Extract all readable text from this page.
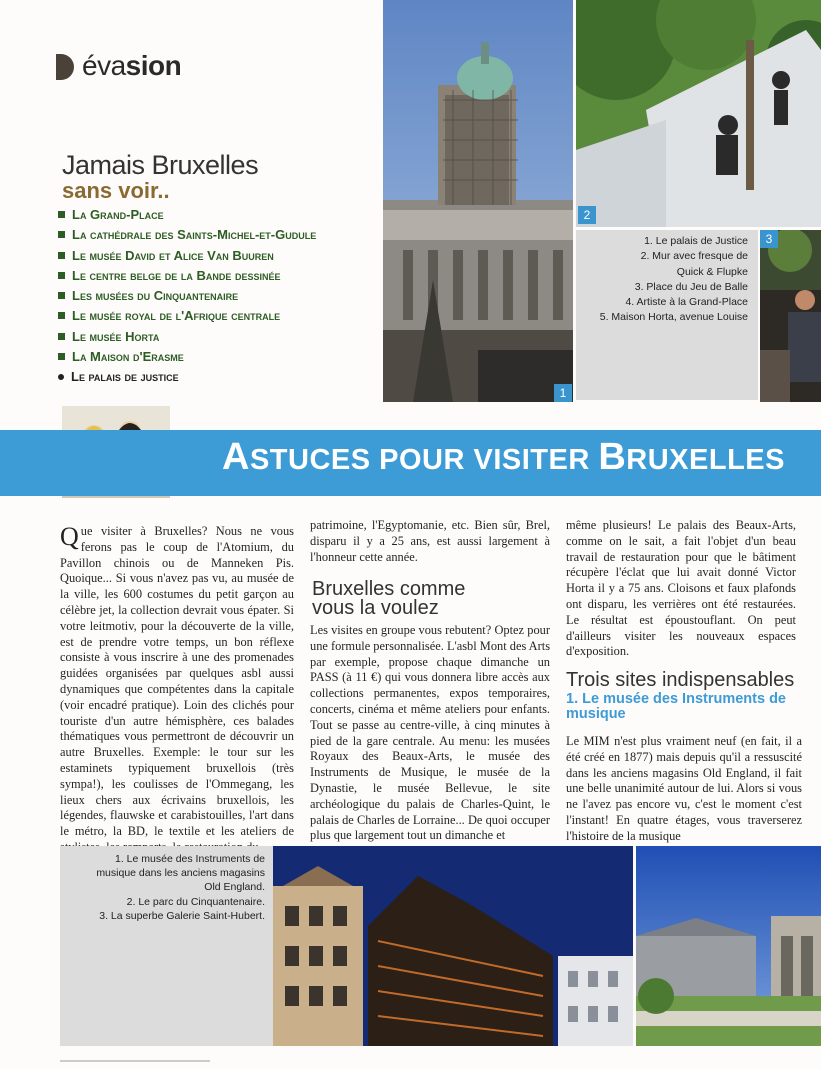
évasion
Jamais Bruxelles
sans voir..
La Grand-Place
La cathédrale des Saints-Michel-et-Gudule
Le musée David et Alice Van Buuren
Le centre belge de la Bande dessinée
Les musées du Cinquantenaire
Le musée royal de l'Afrique centrale
Le musée Horta
La Maison d'Erasme
Le palais de justice
1
2
1. Le palais de Justice
2. Mur avec fresque de
Quick & Flupke
3. Place du Jeu de Balle
4. Artiste à la Grand-Place
5. Maison Horta, avenue Louise
3
ASTUCES POUR VISITER BRUXELLES
Que visiter à Bruxelles? Nous ne vous ferons pas le coup de l'Atomium, du Pavillon chinois ou de Manneken Pis. Quoique... Si vous n'avez pas vu, au musée de la ville, les 600 costumes du petit garçon au célèbre jet, la collection devrait vous épater. Si votre leitmotiv, pour la découverte de la ville, est de prendre votre temps, un bon réflexe consiste à vous inscrire à une des promenades guidées organisées par quelques asbl aussi dynamiques que compétentes dans la capitale (voir encadré pratique). Loin des clichés pour touriste d'un autre hémisphère, ces balades thématiques vous permettront de découvrir un autre Bruxelles. Exemple: le tour sur les estaminets typiquement bruxellois (très sympa!), les coulisses de l'Ommegang, les lieux chers aux écrivains bruxellois, les légendes, flauwske et carabistouilles, l'art dans le métro, la BD, le textile et les ateliers de

patrimoine, l'Egyptomanie, etc. Bien sûr, Brel, disparu il y a 25 ans, est aussi largement à l'honneur cette année.

Bruxelles comme vous la voulez

Les visites en groupe vous rebutent? Optez pour une formule personnalisée. L'asbl Mont des Arts par exemple, propose chaque dimanche un PASS (à 11 €) qui vous donnera libre accès aux collections permanentes, expos temporaires, concerts, cinéma et même ateliers pour enfants. Tout se passe au centre-ville, à cinq minutes à pied de la gare centrale. Au menu: les musées Royaux des Beaux-Arts, le musée des Instruments de Musique, le musée de la Dynastie, le musée Bellevue, le site archéologique du palais de Charles-Quint, le palais de Charles de Lorraine... De quoi occuper plus que largement tout un dimanche et

même plusieurs! Le palais des Beaux-Arts, comme on le sait, a fait l'objet d'un beau travail de restauration pour que le bâtiment récupère l'éclat que lui avait donné Victor Horta il y a 75 ans. Cloisons et faux plafonds ont disparu, les verrières ont été restaurées. Le résultat est époustouflant. On peut d'ailleurs visiter les nouveaux espaces d'exposition.

Trois sites indispensables
1. Le musée des Instruments de musique

Le MIM n'est plus vraiment neuf (en fait, il a été créé en 1877) mais depuis qu'il a ressuscité dans les anciens magasins Old England, il fait une belle unanimité autour de lui. Alors si vous ne l'avez pas encore vu, c'est le moment c'est l'instant! En quatre étages, vous traverserez l'histoire de la musique

1. Le musée des Instruments de
musique dans les anciens magasins
Old England.
2. Le parc du Cinquantenaire.
3. La superbe Galerie Saint-Hubert.
